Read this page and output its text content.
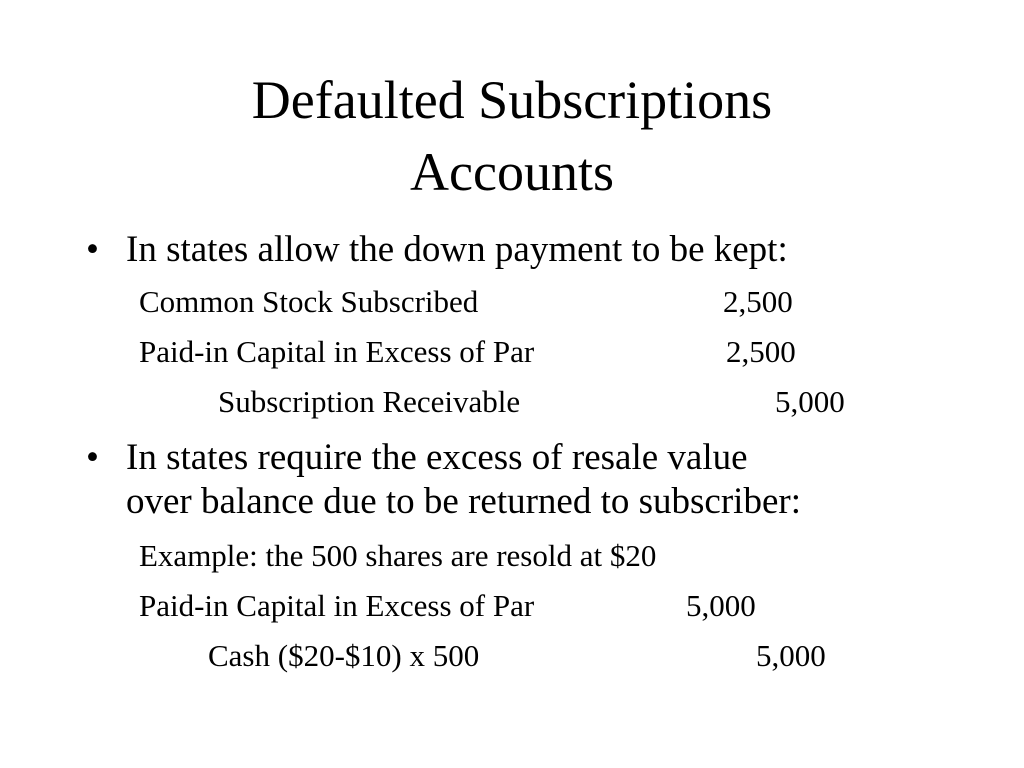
Defaulted Subscriptions
Accounts
• In states allow the down payment to be kept:
Common Stock Subscribed	2,500
Paid-in Capital in Excess of Par	2,500
Subscription Receivable	5,000
• In states require the excess of resale value
over balance due to be returned to subscriber:
Example: the 500 shares are resold at $20
Paid-in Capital in Excess of Par	5,000
Cash ($20-$10) x 500	5,000
